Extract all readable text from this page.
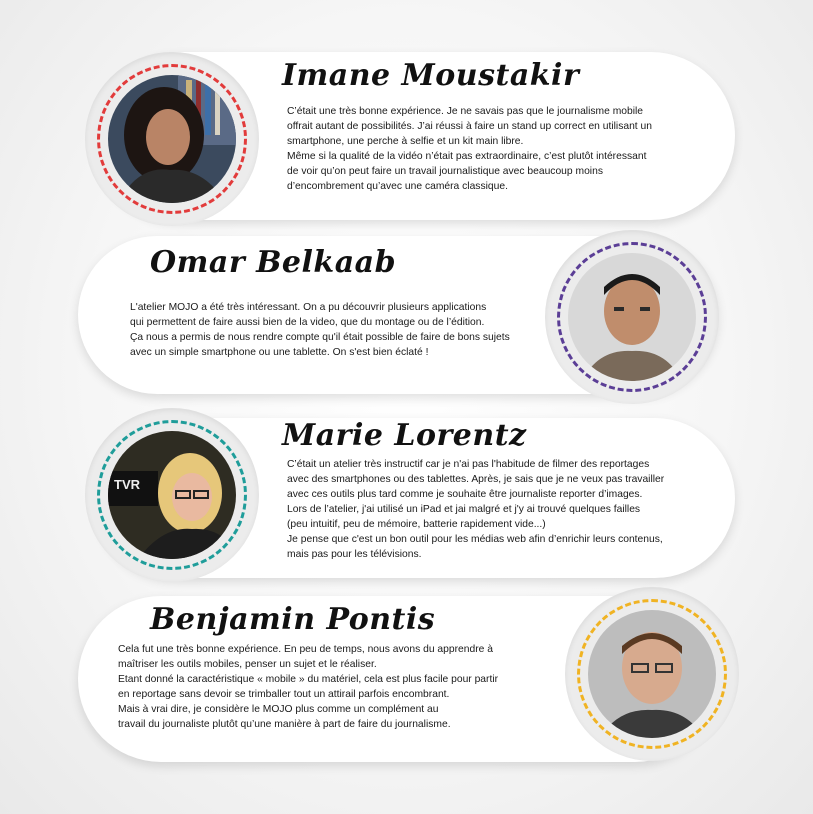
Imane Moustakir
C’était une très bonne expérience. Je ne savais pas que le journalisme mobile
offrait autant de possibilités. J’ai réussi à faire un stand up correct en utilisant un
smartphone, une perche à selfie et un kit main libre.
Même si la qualité de la vidéo n’était pas extraordinaire, c’est plutôt intéressant
de voir qu’on peut faire un travail journalistique avec beaucoup moins
d’encombrement qu’avec une caméra classique.
Omar Belkaab
L'atelier MOJO a été très intéressant. On a pu découvrir plusieurs applications
qui permettent de faire aussi bien de la video, que du montage ou de l’édition.
Ça nous a permis de nous rendre compte qu'il était possible de faire de bons sujets
avec un simple smartphone ou une tablette. On s'est bien éclaté !
TVR
Marie Lorentz
C’était un atelier très instructif car je n'ai pas l'habitude de filmer des reportages
avec des smartphones ou des tablettes. Après, je sais que je ne veux pas travailler
avec ces outils plus tard comme je souhaite être journaliste reporter d’images.
Lors de l’atelier, j'ai utilisé un iPad et jai malgré et j'y ai trouvé quelques failles
(peu intuitif, peu de mémoire, batterie rapidement vide...)
Je pense que c'est un bon outil pour les médias web afin d’enrichir leurs contenus,
mais pas pour les télévisions.
Benjamin Pontis
Cela fut une très bonne expérience. En peu de temps, nous avons du apprendre à
maîtriser les outils mobiles, penser un sujet et le réaliser.
Etant donné la caractéristique « mobile » du matériel, cela est plus facile pour partir
en reportage sans devoir se trimballer tout un attirail parfois encombrant.
Mais à vrai dire, je considère le MOJO plus comme un complément au
travail du journaliste plutôt qu’une manière à part de faire du journalisme.
